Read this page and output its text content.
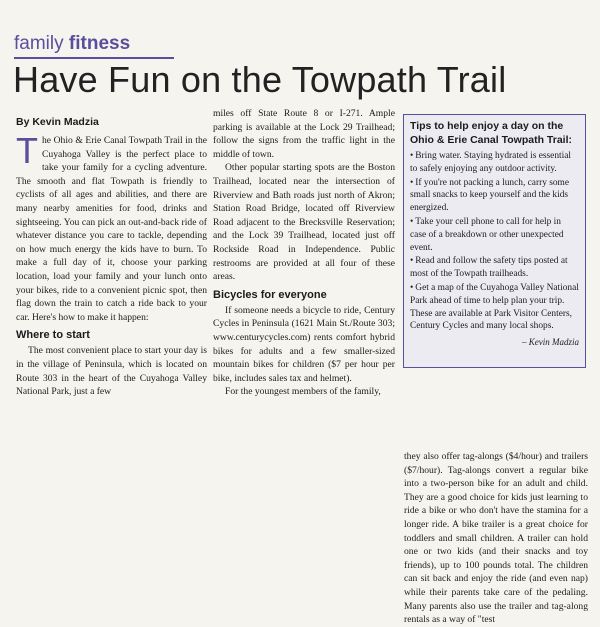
family fitness
Have Fun on the Towpath Trail
By Kevin Madzia

The Ohio & Erie Canal Towpath Trail in the Cuyahoga Valley is the perfect place to take your family for a cycling adventure. The smooth and flat Towpath is friendly to cyclists of all ages and abilities, and there are many nearby amenities for food, drinks and sightseeing. You can pick an out-and-back ride of whatever distance you care to tackle, depending on how much energy the kids have to burn. To make a full day of it, choose your parking location, load your family and your lunch onto your bikes, ride to a convenient picnic spot, then flag down the train to catch a ride back to your car. Here's how to make it happen:

Where to start

The most convenient place to start your day is in the village of Peninsula, which is located on Route 303 in the heart of the Cuyahoga Valley National Park, just a few

miles off State Route 8 or I-271. Ample parking is available at the Lock 29 Trailhead; follow the signs from the traffic light in the middle of town.

Other popular starting spots are the Boston Trailhead, located near the intersection of Riverview and Bath roads just north of Akron; Station Road Bridge, located off Riverview Road adjacent to the Brecksville Reservation; and the Lock 39 Trailhead, located just off Rockside Road in Independence. Public restrooms are provided at all four of these areas.

Bicycles for everyone

If someone needs a bicycle to ride, Century Cycles in Peninsula (1621 Main St./Route 303; www.centurycycles.com) rents comfort hybrid bikes for adults and a few smaller-sized mountain bikes for children ($7 per hour per bike, includes sales tax and helmet).

For the youngest members of the family,

Tips to help enjoy a day on the Ohio & Erie Canal Towpath Trail:

• Bring water. Staying hydrated is essential to safely enjoying any outdoor activity.

• If you're not packing a lunch, carry some small snacks to keep yourself and the kids energized.

• Take your cell phone to call for help in case of a breakdown or other unexpected event.

• Read and follow the safety tips posted at most of the Towpath trailheads.

• Get a map of the Cuyahoga Valley National Park ahead of time to help plan your trip. These are available at Park Visitor Centers, Century Cycles and many local shops.

– Kevin Madzia

they also offer tag-alongs ($4/hour) and trailers ($7/hour). Tag-alongs convert a regular bike into a two-person bike for an adult and child. They are a good choice for kids just learning to ride a bike or who don't have the stamina for a longer ride. A bike trailer is a great choice for toddlers and small children. A trailer can hold one or two kids (and their snacks and toy friends), up to 100 pounds total. The children can sit back and enjoy the ride (and even nap) while their parents take care of the pedaling. Many parents also use the trailer and tag-along rentals as a way of "test
